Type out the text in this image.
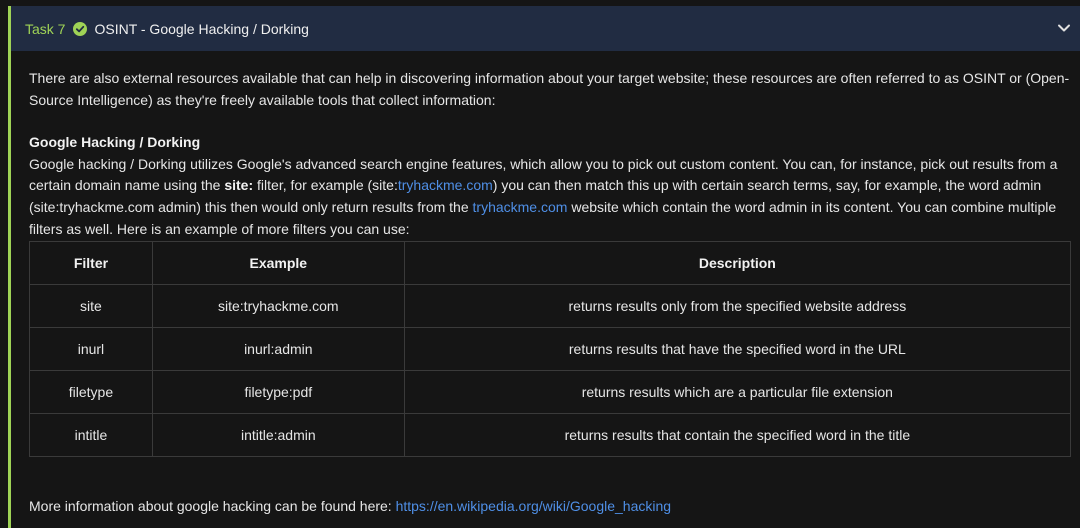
Task 7 OSINT - Google Hacking / Dorking

There are also external resources available that can help in discovering information about your target website; these resources are often referred to as OSINT or (Open-Source Intelligence) as they're freely available tools that collect information:

Google Hacking / Dorking

Google hacking / Dorking utilizes Google's advanced search engine features, which allow you to pick out custom content. You can, for instance, pick out results from a certain domain name using the site: filter, for example (site:tryhackme.com) you can then match this up with certain search terms, say, for example, the word admin (site:tryhackme.com admin) this then would only return results from the tryhackme.com website which contain the word admin in its content. You can combine multiple filters as well. Here is an example of more filters you can use:

Filter	Example	Description
site	site:tryhackme.com	returns results only from the specified website address
inurl	inurl:admin	returns results that have the specified word in the URL
filetype	filetype:pdf	returns results which are a particular file extension
intitle	intitle:admin	returns results that contain the specified word in the title

More information about google hacking can be found here: https://en.wikipedia.org/wiki/Google_hacking
